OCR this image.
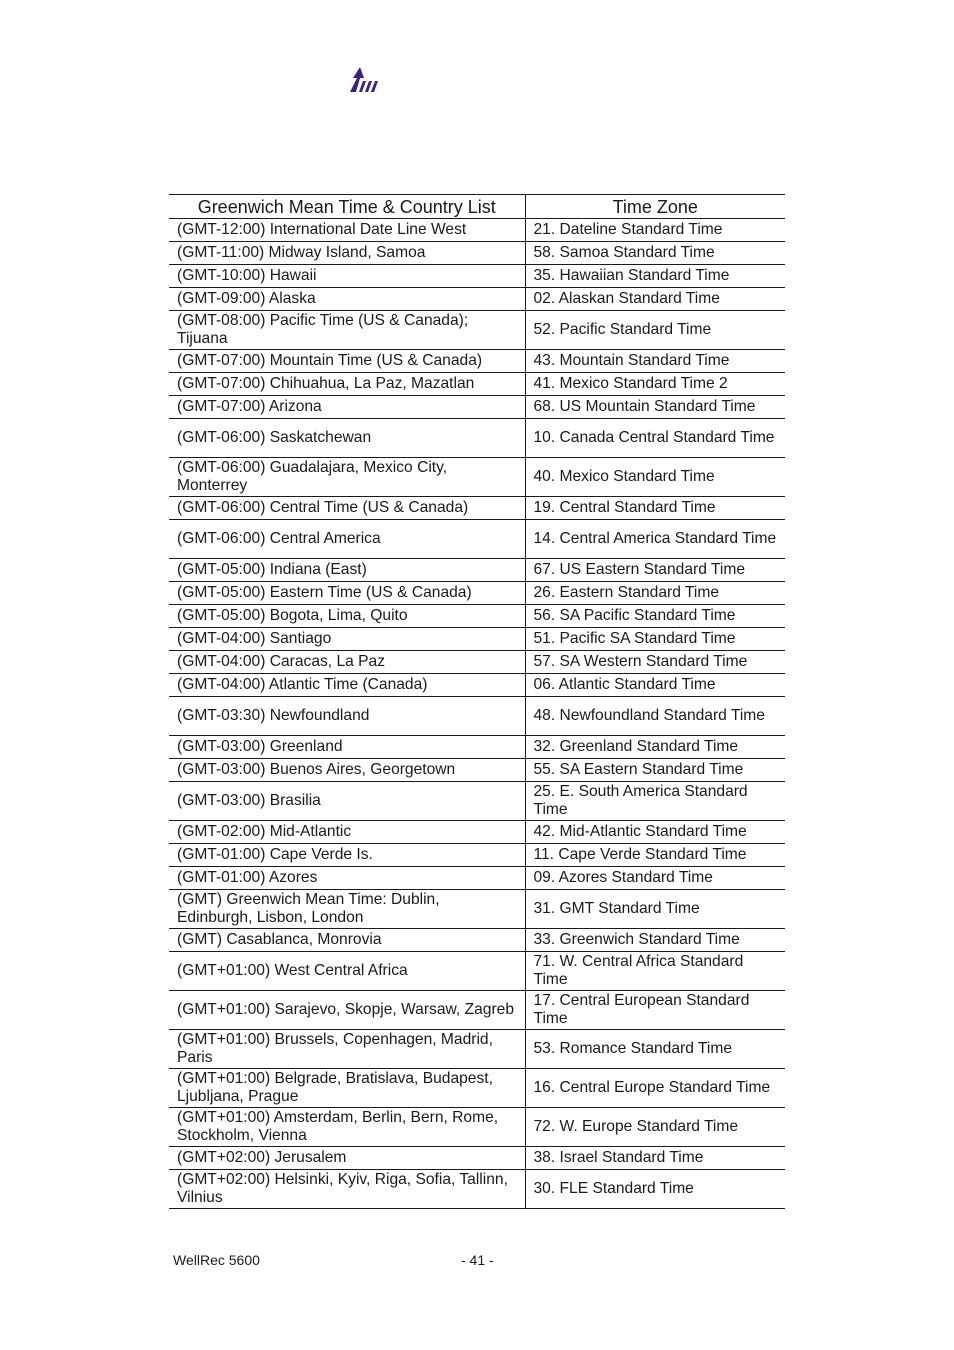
Greenwich Mean Time & Country List	Time Zone
(GMT-12:00) International Date Line West	21. Dateline Standard Time
(GMT-11:00) Midway Island, Samoa	58. Samoa Standard Time
(GMT-10:00) Hawaii	35. Hawaiian Standard Time
(GMT-09:00) Alaska	02. Alaskan Standard Time
(GMT-08:00) Pacific Time (US & Canada); Tijuana	52. Pacific Standard Time
(GMT-07:00) Mountain Time (US & Canada)	43. Mountain Standard Time
(GMT-07:00) Chihuahua, La Paz, Mazatlan	41. Mexico Standard Time 2
(GMT-07:00) Arizona	68. US Mountain Standard Time
(GMT-06:00) Saskatchewan	10. Canada Central Standard Time
(GMT-06:00) Guadalajara, Mexico City, Monterrey	40. Mexico Standard Time
(GMT-06:00) Central Time (US & Canada)	19. Central Standard Time
(GMT-06:00) Central America	14. Central America Standard Time
(GMT-05:00) Indiana (East)	67. US Eastern Standard Time
(GMT-05:00) Eastern Time (US & Canada)	26. Eastern Standard Time
(GMT-05:00) Bogota, Lima, Quito	56. SA Pacific Standard Time
(GMT-04:00) Santiago	51. Pacific SA Standard Time
(GMT-04:00) Caracas, La Paz	57. SA Western Standard Time
(GMT-04:00) Atlantic Time (Canada)	06. Atlantic Standard Time
(GMT-03:30) Newfoundland	48. Newfoundland Standard Time
(GMT-03:00) Greenland	32. Greenland Standard Time
(GMT-03:00) Buenos Aires, Georgetown	55. SA Eastern Standard Time
(GMT-03:00) Brasilia	25. E. South America Standard Time
(GMT-02:00) Mid-Atlantic	42. Mid-Atlantic Standard Time
(GMT-01:00) Cape Verde Is.	11. Cape Verde Standard Time
(GMT-01:00) Azores	09. Azores Standard Time
(GMT) Greenwich Mean Time: Dublin, Edinburgh, Lisbon, London	31. GMT Standard Time
(GMT) Casablanca, Monrovia	33. Greenwich Standard Time
(GMT+01:00) West Central Africa	71. W. Central Africa Standard Time
(GMT+01:00) Sarajevo, Skopje, Warsaw, Zagreb	17. Central European Standard Time
(GMT+01:00) Brussels, Copenhagen, Madrid, Paris	53. Romance Standard Time
(GMT+01:00) Belgrade, Bratislava, Budapest, Ljubljana, Prague	16. Central Europe Standard Time
(GMT+01:00) Amsterdam, Berlin, Bern, Rome, Stockholm, Vienna	72. W. Europe Standard Time
(GMT+02:00) Jerusalem	38. Israel Standard Time
(GMT+02:00) Helsinki, Kyiv, Riga, Sofia, Tallinn, Vilnius	30. FLE Standard Time
WellRec 5600	- 41 -
